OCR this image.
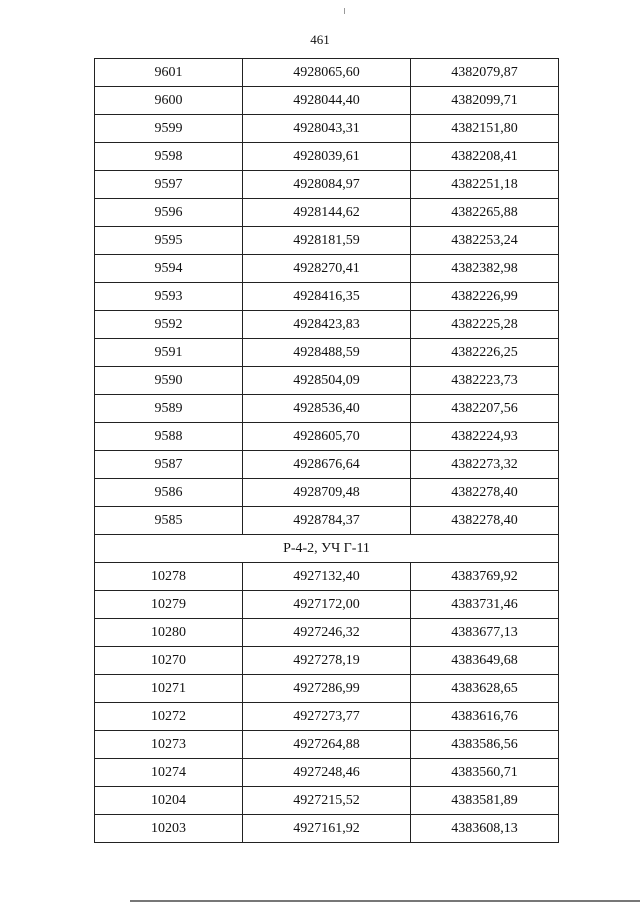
461
9601	4928065,60	4382079,87
9600	4928044,40	4382099,71
9599	4928043,31	4382151,80
9598	4928039,61	4382208,41
9597	4928084,97	4382251,18
9596	4928144,62	4382265,88
9595	4928181,59	4382253,24
9594	4928270,41	4382382,98
9593	4928416,35	4382226,99
9592	4928423,83	4382225,28
9591	4928488,59	4382226,25
9590	4928504,09	4382223,73
9589	4928536,40	4382207,56
9588	4928605,70	4382224,93
9587	4928676,64	4382273,32
9586	4928709,48	4382278,40
9585	4928784,37	4382278,40
Р-4-2, УЧ Г-11		
10278	4927132,40	4383769,92
10279	4927172,00	4383731,46
10280	4927246,32	4383677,13
10270	4927278,19	4383649,68
10271	4927286,99	4383628,65
10272	4927273,77	4383616,76
10273	4927264,88	4383586,56
10274	4927248,46	4383560,71
10204	4927215,52	4383581,89
10203	4927161,92	4383608,13
